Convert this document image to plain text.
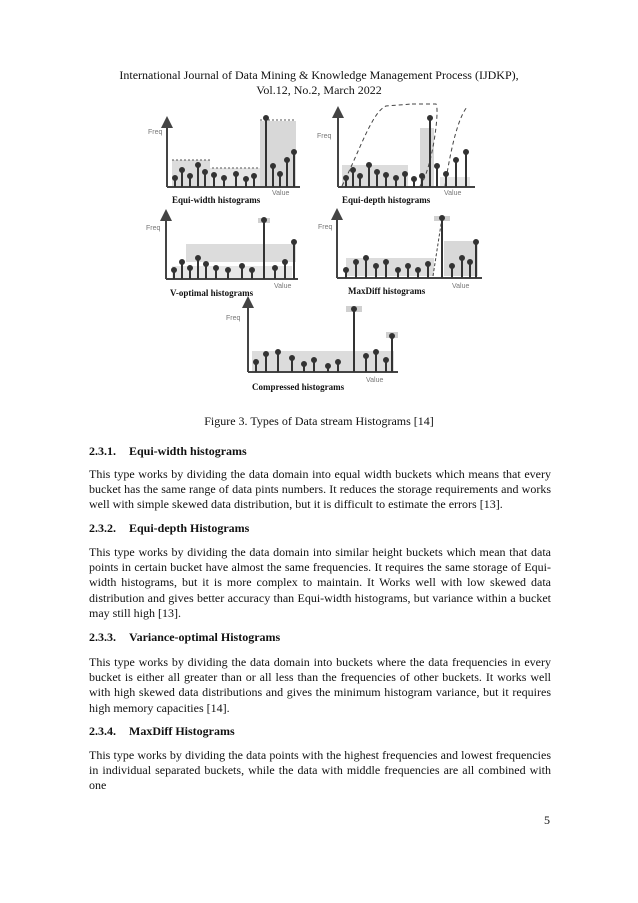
International Journal of Data Mining & Knowledge Management Process (IJDKP),
Vol.12, No.2, March 2022
Freq
Value
Equi-width histograms
Freq
Value
Equi-depth histograms
Freq
Value
V-optimal histograms
Freq
Value
MaxDiff histograms
Freq
Value
Compressed histograms
Figure 3. Types of Data stream Histograms [14]
2.3.1. Equi-width histograms
This type works by dividing the data domain into equal width buckets which means that every bucket has the same range of data pints numbers. It reduces the storage requirements and works well with simple skewed data distribution, but it is difficult to estimate the errors [13].
2.3.2. Equi-depth Histograms
This type works by dividing the data domain into similar height buckets which mean that data points in certain bucket have almost the same frequencies. It requires the same storage of Equi-width histograms, but it is more complex to maintain. It Works well with low skewed data distribution and gives better accuracy than Equi-width histograms, but variance within a bucket may still high [13].
2.3.3. Variance-optimal Histograms
This type works by dividing the data domain into buckets where the data frequencies in every bucket is either all greater than or all less than the frequencies of other buckets. It works well with high skewed data distributions and gives the minimum histogram variance, but it requires high memory capacities [14].
2.3.4. MaxDiff Histograms
This type works by dividing the data points with the highest frequencies and lowest frequencies in individual separated buckets, while the data with middle frequencies are all combined with one
5
